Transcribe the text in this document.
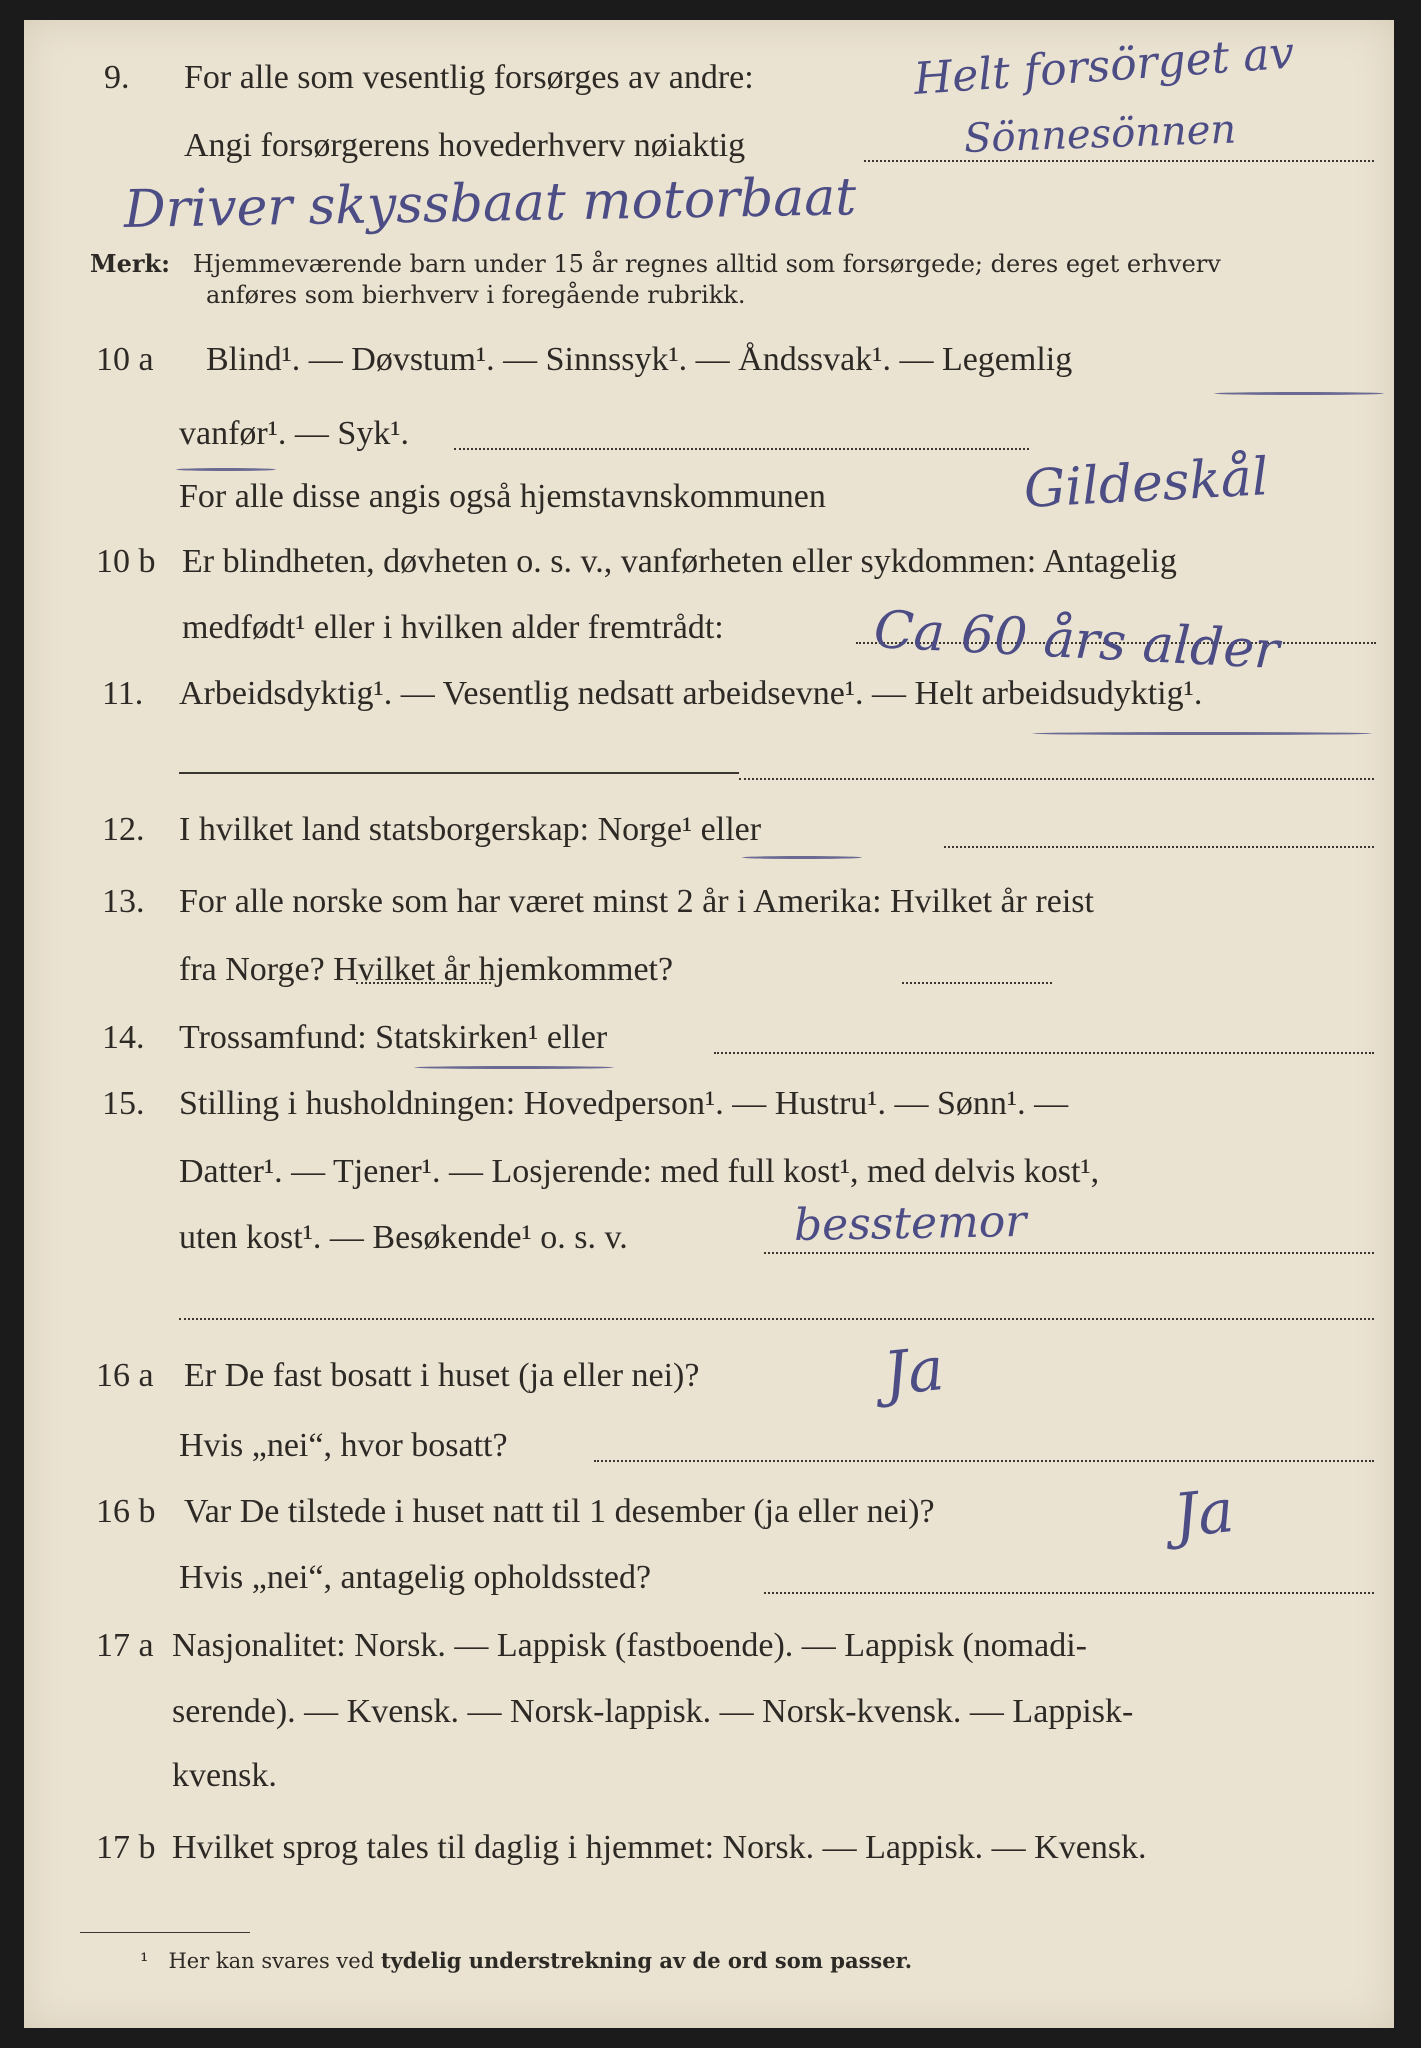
9. For alle som vesentlig forsørges av andre:	Helt forsörget av
Angi forsørgerens hovederhverv nøiaktig	Sönnesönnen
Driver skyssbaat motorbaat
Merk: Hjemmeværende barn under 15 år regnes alltid som forsørgede; deres eget erhverv
anføres som bierhverv i foregående rubrikk.
10 a Blind¹. — Døvstum¹. — Sinnssyk¹. — Åndssvak¹. — Legemlig
vanfør¹. — Syk¹.
For alle disse angis også hjemstavnskommunen	Gildeskål
10 b Er blindheten, døvheten o. s. v., vanførheten eller sykdommen: Antagelig
medfødt¹ eller i hvilken alder fremtrådt:	Ca 60 års alder
11. Arbeidsdyktig¹. — Vesentlig nedsatt arbeidsevne¹. — Helt arbeidsudyktig¹.
12. I hvilket land statsborgerskap: Norge¹ eller
13. For alle norske som har været minst 2 år i Amerika: Hvilket år reist
fra Norge? Hvilket år hjemkommet?
14. Trossamfund: Statskirken¹ eller
15. Stilling i husholdningen: Hovedperson¹. — Hustru¹. — Sønn¹. —
Datter¹. — Tjener¹. — Losjerende: med full kost¹, med delvis kost¹,
uten kost¹. — Besøkende¹ o. s. v.	besstemor
16 a Er De fast bosatt i huset (ja eller nei)?	Ja
Hvis „nei“, hvor bosatt?
16 b Var De tilstede i huset natt til 1 desember (ja eller nei)?	Ja
Hvis „nei“, antagelig opholdssted?
17 a Nasjonalitet: Norsk. — Lappisk (fastboende). — Lappisk (nomadi-
serende). — Kvensk. — Norsk-lappisk. — Norsk-kvensk. — Lappisk-
kvensk.
17 b Hvilket sprog tales til daglig i hjemmet: Norsk. — Lappisk. — Kvensk.
¹ Her kan svares ved tydelig understrekning av de ord som passer.
